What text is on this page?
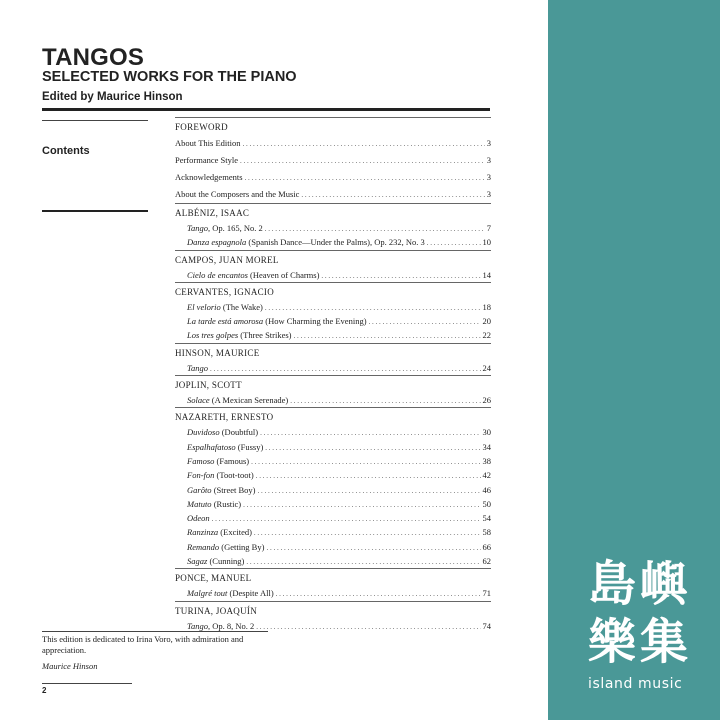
TANGOS
SELECTED WORKS FOR THE PIANO
Edited by Maurice Hinson
Contents
FOREWORD
About This Edition . . .	3
Performance Style . . .	3
Acknowledgements . . .	3
About the Composers and the Music . . .	3
ALBÉNIZ, ISAAC
Tango, Op. 165, No. 2 . . .	7
Danza espagnola (Spanish Dance—Under the Palms), Op. 232, No. 3 . . .	10
CAMPOS, JUAN MOREL
Cielo de encantos (Heaven of Charms) . . .	14
CERVANTES, IGNACIO
El velorio (The Wake) . . .	18
La tarde está amorosa (How Charming the Evening) . . .	20
Los tres golpes (Three Strikes) . . .	22
HINSON, MAURICE
Tango . . .	24
JOPLIN, SCOTT
Solace (A Mexican Serenade) . . .	26
NAZARETH, ERNESTO
Duvidoso (Doubtful) . . .	30
Espalhafatoso (Fussy) . . .	34
Famoso (Famous) . . .	38
Fon-fon (Toot-toot) . . .	42
Garôto (Street Boy) . . .	46
Matuto (Rustic) . . .	50
Odeon . . .	54
Ranzinza (Excited) . . .	58
Remando (Getting By) . . .	66
Sagaz (Cunning) . . .	62
PONCE, MANUEL
Malgré tout (Despite All) . . .	71
TURINA, JOAQUÍN
Tango, Op. 8, No. 2 . . .	74
This edition is dedicated to Irina Voro, with admiration and appreciation.
Maurice Hinson
2
島 嶼
樂 集
island music
